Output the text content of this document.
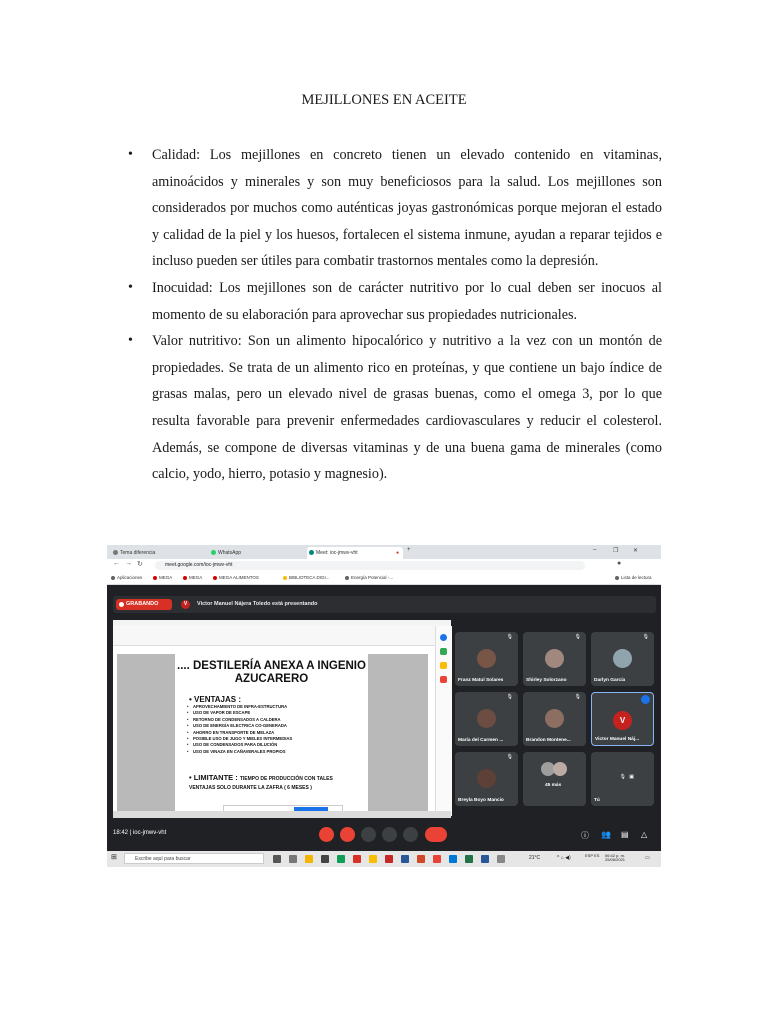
MEJILLONES EN ACEITE
• Calidad: Los mejillones en concreto tienen un elevado contenido en vitaminas, aminoácidos y minerales y son muy beneficiosos para la salud. Los mejillones son considerados por muchos como auténticas joyas gastronómicas porque mejoran el estado y calidad de la piel y los huesos, fortalecen el sistema inmune, ayudan a reparar tejidos e incluso pueden ser útiles para combatir trastornos mentales como la depresión.
• Inocuidad: Los mejillones son de carácter nutritivo por lo cual deben ser inocuos al momento de su elaboración para aprovechar sus propiedades nutricionales.
• Valor nutritivo: Son un alimento hipocalórico y nutritivo a la vez con un montón de propiedades. Se trata de un alimento rico en proteínas, y que contiene un bajo índice de grasas malas, pero un elevado nivel de grasas buenas, como el omega 3, por lo que resulta favorable para prevenir enfermedades cardiovasculares y reducir el colesterol. Además, se compone de diversas vitaminas y de una buena gama de minerales (como calcio, yodo, hierro, potasio y magnesio).
Tema diferencia	WhatsApp	Meet: ioc-jmwv-vht	● +	–	❐ ✕
← → ↻	meet.google.com/ioc-jmwv-vht	●
Aplicaciones	MEGA	MEGA	MEGA ALIMENTOS	BIBLIOTECA DIGI...	Energía Potencial -...	Lista de lectura
GRABANDO	V	Victor Manuel Nájera Toledo está presentando
.... DESTILERÍA ANEXA A INGENIO AZUCARERO
• VENTAJAS :
• APROVECHAMIENTO DE INFRA-ESTRUCTURA
• USO DE VAPOR DE ESCAPE
• RETORNO DE CONDENSADOS A CALDERA
• USO DE ENERGÍA ELECTRICA CO-GENERADA
• AHORRO EN TRANSPORTE DE MELAZA
• POSIBLE USO DE JUGO Y MIELES INTERMEDIAS
• USO DE CONDENSADOS PARA DILUCIÓN
• USO DE VINAZA EN CAÑAVERALES PROPIOS
• LIMITANTE : TIEMPO DE PRODUCCIÓN CON TALES VENTAJAS SOLO DURANTE LA ZAFRA ( 6 MESES )
🎙
Franz Matul Solares
🎙
Shirley Solorzano
🎙
Darlyn García
🎙
María del Carmen ...
🎙
Brandon Montene...
V
Victor Manuel Náj...
🎙
Breyla Boyo Mancio
45 más
🎙 ▣
Tú
18:42 | ioc-jmwv-vht	ⓘ 👥 ▤ △
⊞	Escribe aquí para buscar	21°C	^ ⌂ ◀)	ESP ES	06:42 p. m. 25/06/2021	▭
